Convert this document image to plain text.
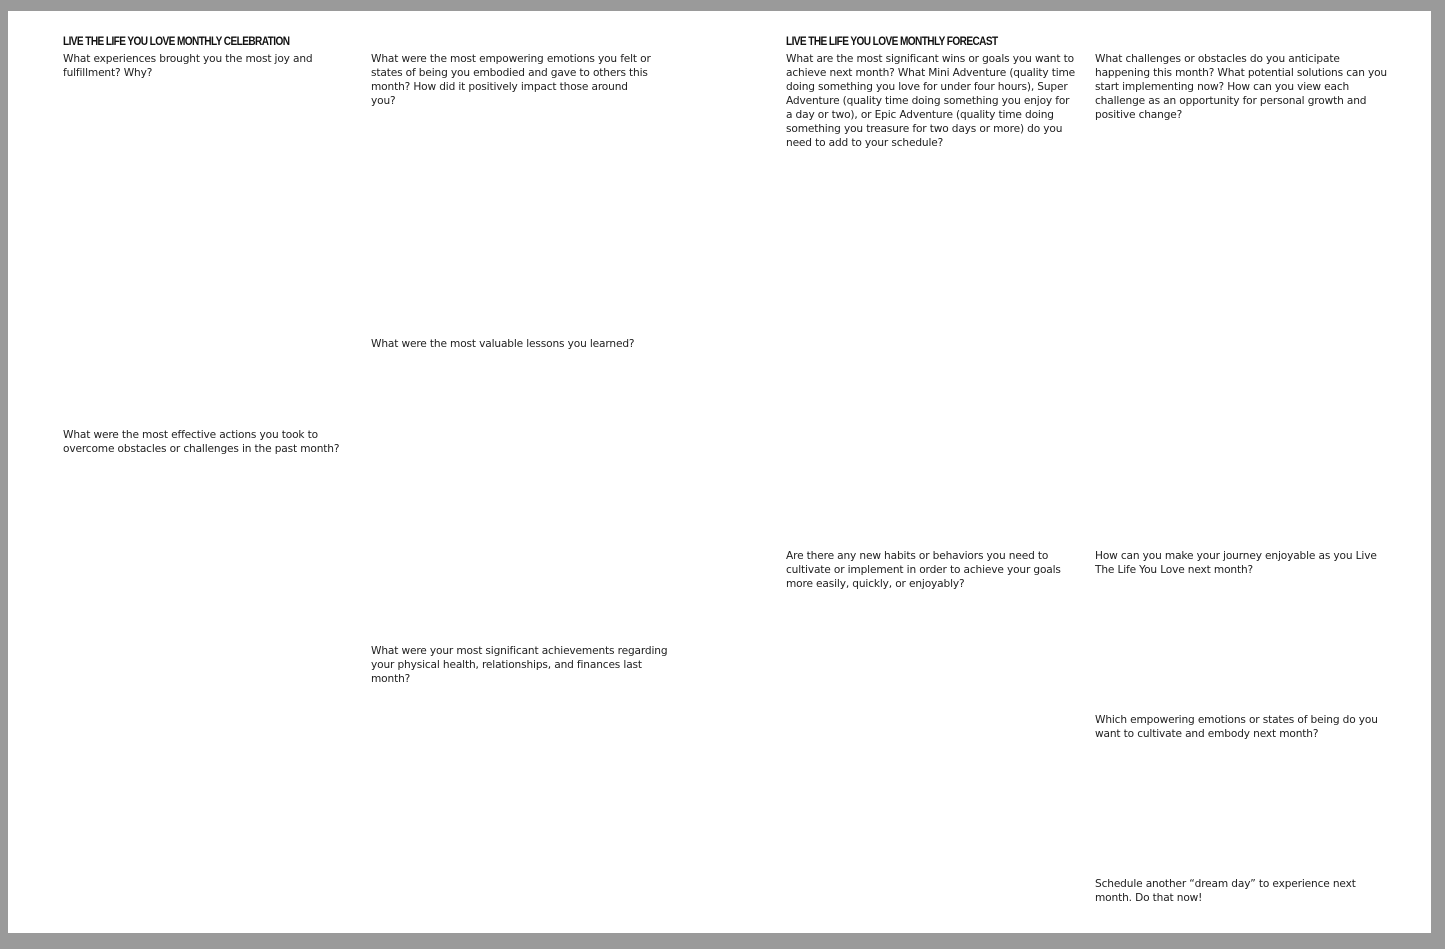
LIVE THE LIFE YOU LOVE MONTHLY CELEBRATION
What experiences brought you the most joy and fulfillment? Why?
What were the most empowering emotions you felt or states of being you embodied and gave to others this month? How did it positively impact those around you?
What were the most valuable lessons you learned?
What were the most effective actions you took to overcome obstacles or challenges in the past month?
What were your most significant achievements regarding your physical health, relationships, and finances last month?
LIVE THE LIFE YOU LOVE MONTHLY FORECAST
What are the most significant wins or goals you want to achieve next month? What Mini Adventure (quality time doing something you love for under four hours), Super Adventure (quality time doing something you enjoy for a day or two), or Epic Adventure (quality time doing something you treasure for two days or more) do you need to add to your schedule?
What challenges or obstacles do you anticipate happening this month? What potential solutions can you start implementing now? How can you view each challenge as an opportunity for personal growth and positive change?
Are there any new habits or behaviors you need to cultivate or implement in order to achieve your goals more easily, quickly, or enjoyably?
How can you make your journey enjoyable as you Live The Life You Love next month?
Which empowering emotions or states of being do you want to cultivate and embody next month?
Schedule another “dream day” to experience next month. Do that now!
